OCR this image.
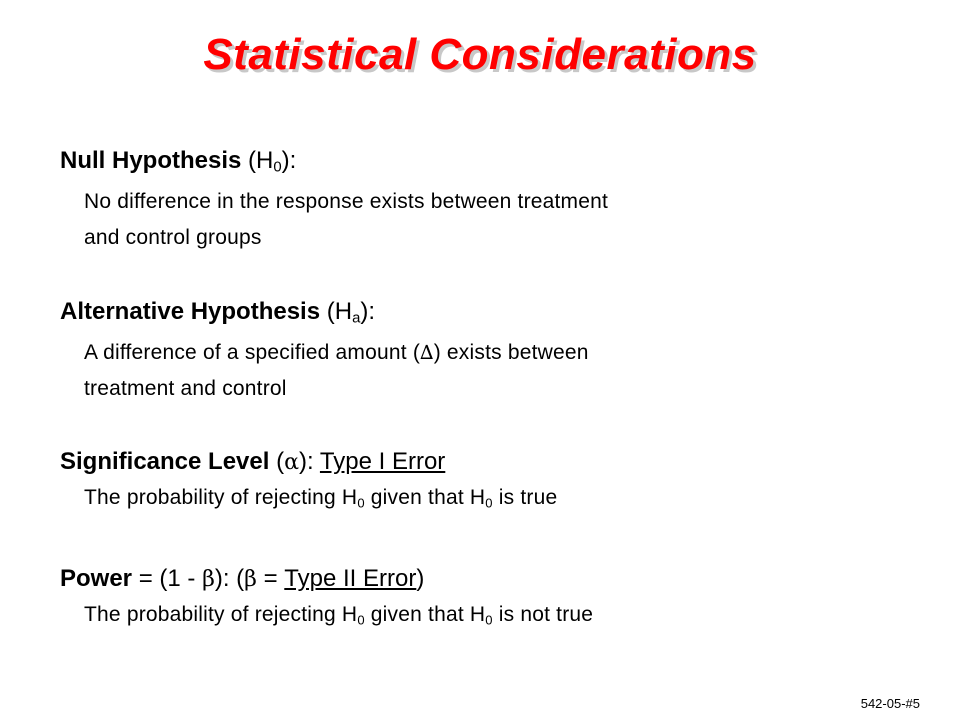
Statistical Considerations
Null Hypothesis $(H_0)$:
No difference in the response exists between treatment
and control groups
Alternative Hypothesis $(H_a)$:
A difference of a specified amount (∆) exists between
treatment and control
Significance Level (α): Type I Error
The probability of rejecting $H_0$ given that $H_0$ is true
Power = (1 - β): (β = Type II Error)
The probability of rejecting $H_0$ given that $H_0$ is not true
542-05-#5
